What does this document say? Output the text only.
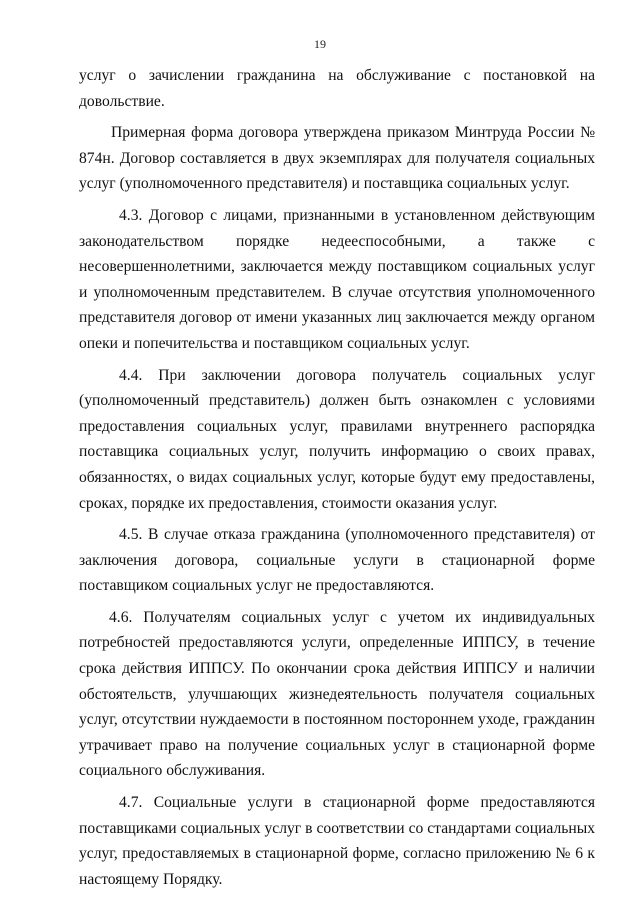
19

услуг о зачислении гражданина на обслуживание с постановкой на довольствие.

Примерная форма договора утверждена приказом Минтруда России № 874н. Договор составляется в двух экземплярах для получателя социальных услуг (уполномоченного представителя) и поставщика социальных услуг.

4.3. Договор с лицами, признанными в установленном действующим законодательством порядке недееспособными, а также с несовершеннолетними, заключается между поставщиком социальных услуг и уполномоченным представителем. В случае отсутствия уполномоченного представителя договор от имени указанных лиц заключается между органом опеки и попечительства и поставщиком социальных услуг.

4.4. При заключении договора получатель социальных услуг (уполномоченный представитель) должен быть ознакомлен с условиями предоставления социальных услуг, правилами внутреннего распорядка поставщика социальных услуг, получить информацию о своих правах, обязанностях, о видах социальных услуг, которые будут ему предоставлены, сроках, порядке их предоставления, стоимости оказания услуг.

4.5. В случае отказа гражданина (уполномоченного представителя) от заключения договора, социальные услуги в стационарной форме поставщиком социальных услуг не предоставляются.

4.6. Получателям социальных услуг с учетом их индивидуальных потребностей предоставляются услуги, определенные ИППСУ, в течение срока действия ИППСУ. По окончании срока действия ИППСУ и наличии обстоятельств, улучшающих жизнедеятельность получателя социальных услуг, отсутствии нуждаемости в постоянном постороннем уходе, гражданин утрачивает право на получение социальных услуг в стационарной форме социального обслуживания.

4.7. Социальные услуги в стационарной форме предоставляются поставщиками социальных услуг в соответствии со стандартами социальных услуг, предоставляемых в стационарной форме, согласно приложению № 6 к настоящему Порядку.
